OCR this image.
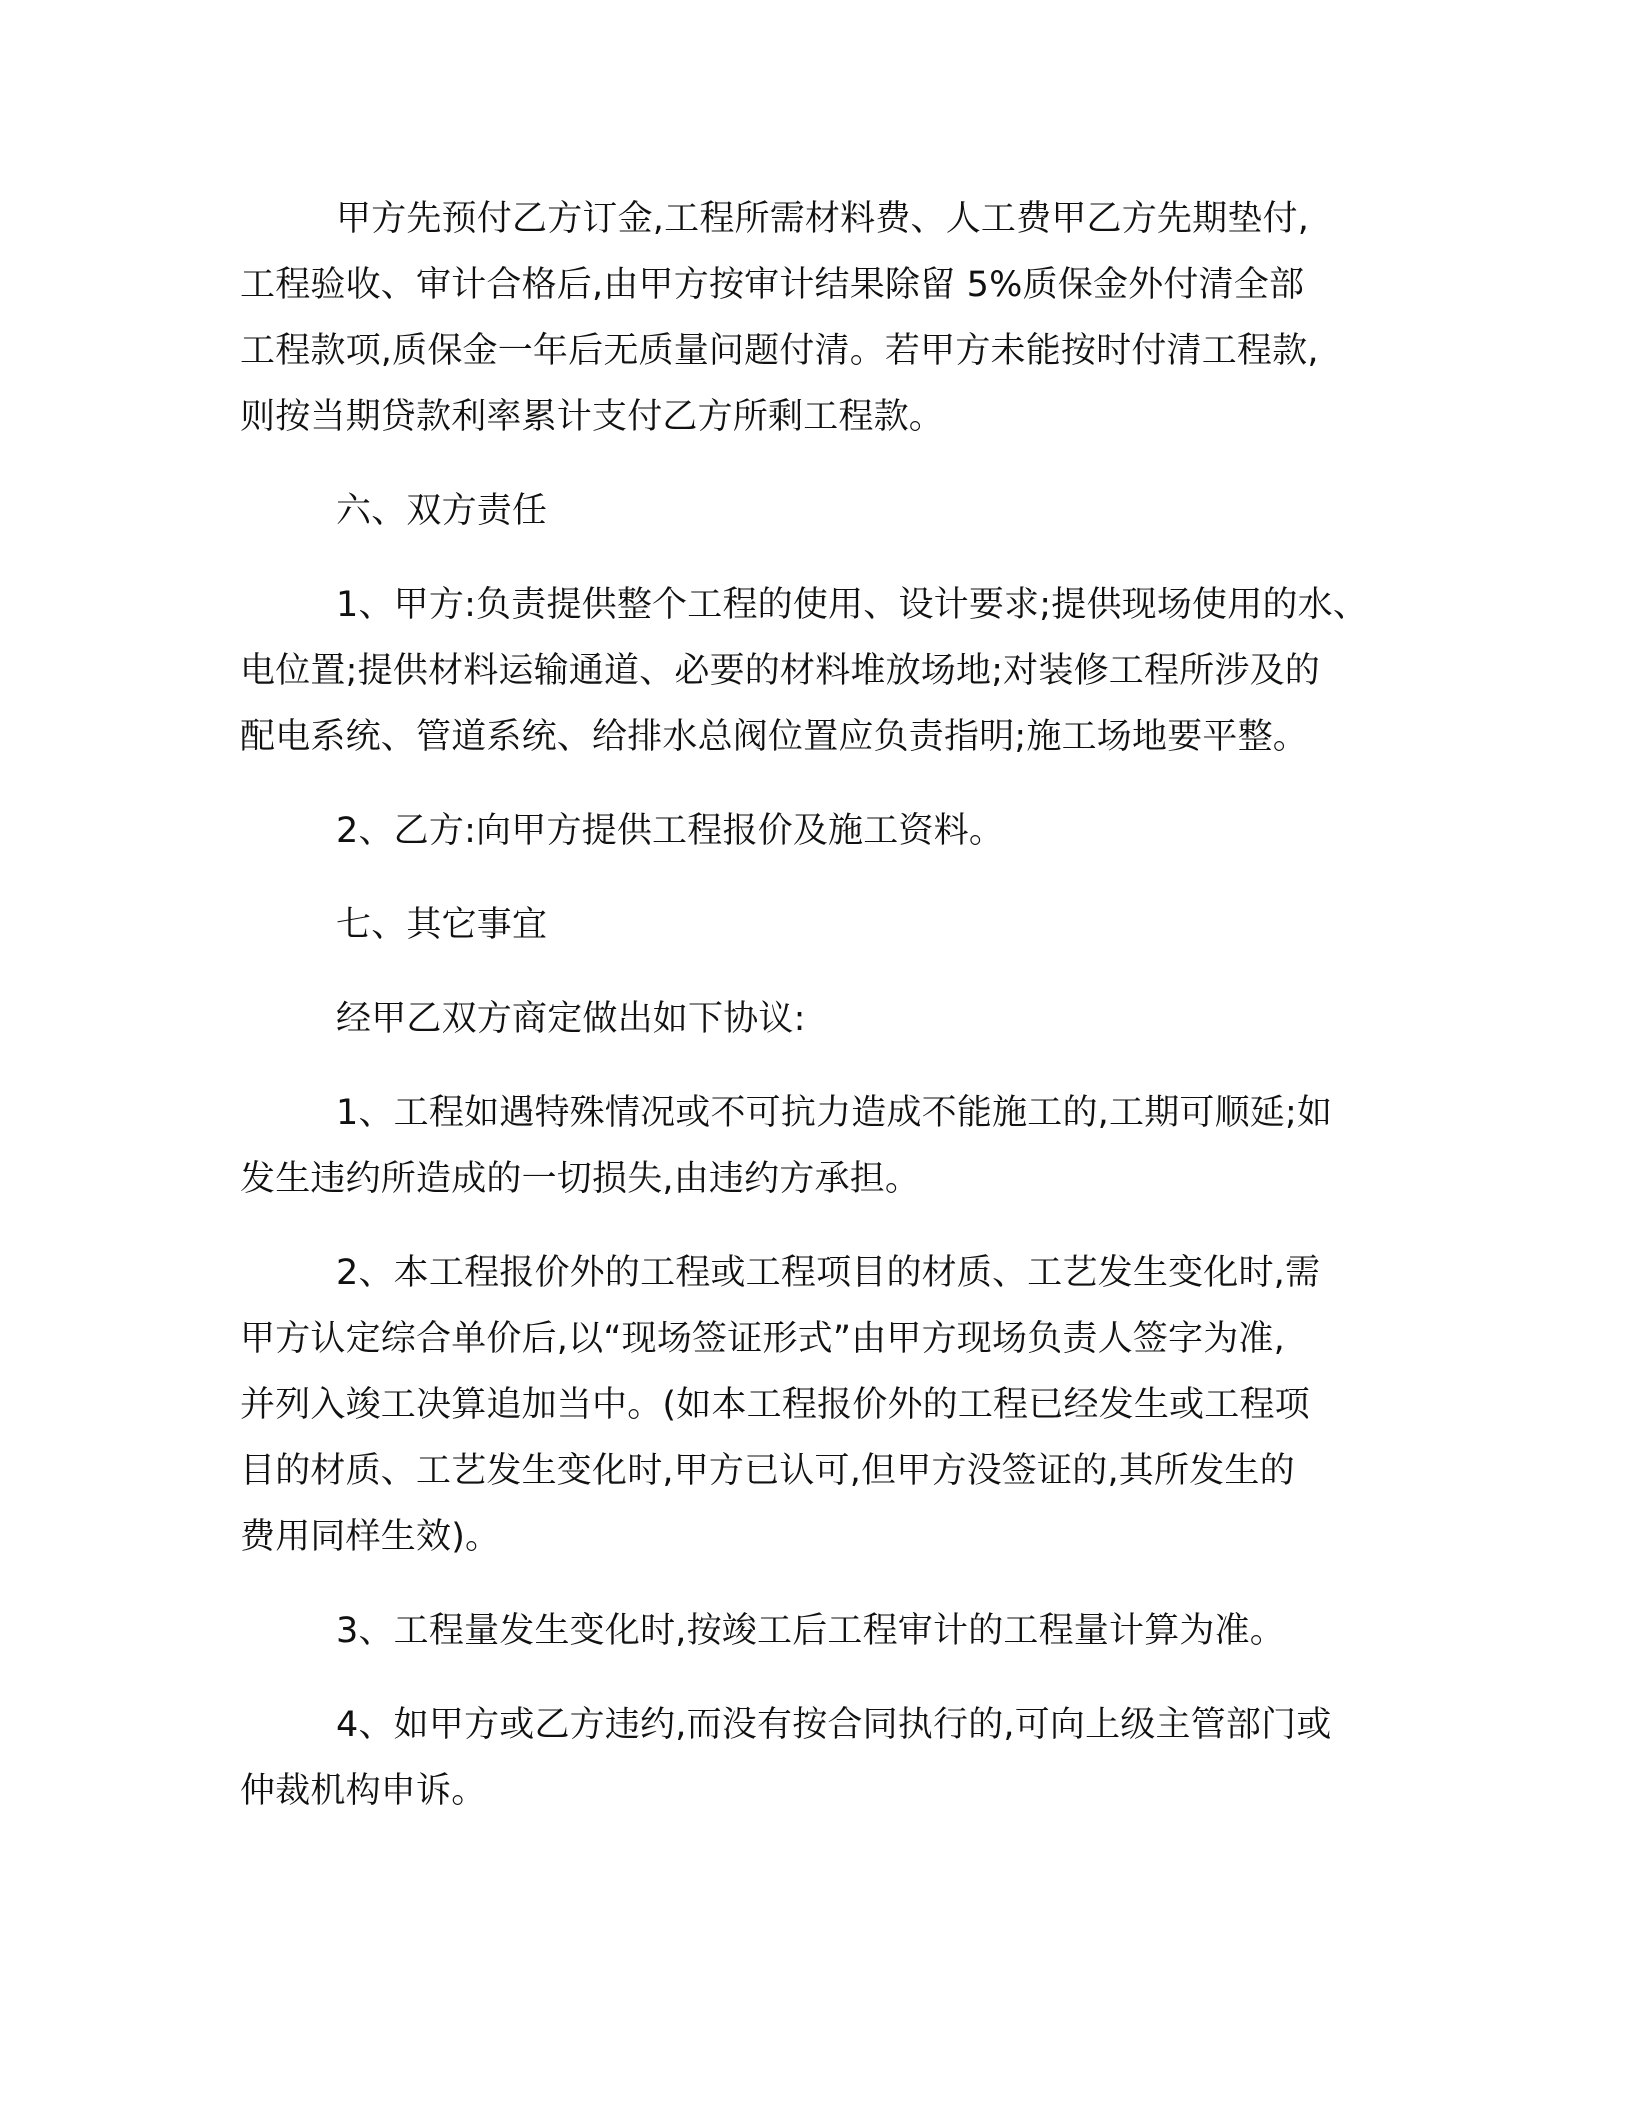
甲方先预付乙方订金,工程所需材料费、人工费甲乙方先期垫付,
工程验收、审计合格后,由甲方按审计结果除留 5%质保金外付清全部
工程款项,质保金一年后无质量问题付清。若甲方未能按时付清工程款,
则按当期贷款利率累计支付乙方所剩工程款。

六、双方责任

1、甲方:负责提供整个工程的使用、设计要求;提供现场使用的水、
电位置;提供材料运输通道、必要的材料堆放场地;对装修工程所涉及的
配电系统、管道系统、给排水总阀位置应负责指明;施工场地要平整。

2、乙方:向甲方提供工程报价及施工资料。

七、其它事宜

经甲乙双方商定做出如下协议:

1、工程如遇特殊情况或不可抗力造成不能施工的,工期可顺延;如
发生违约所造成的一切损失,由违约方承担。

2、本工程报价外的工程或工程项目的材质、工艺发生变化时,需
甲方认定综合单价后,以“现场签证形式”由甲方现场负责人签字为准,
并列入竣工决算追加当中。(如本工程报价外的工程已经发生或工程项
目的材质、工艺发生变化时,甲方已认可,但甲方没签证的,其所发生的
费用同样生效)。

3、工程量发生变化时,按竣工后工程审计的工程量计算为准。

4、如甲方或乙方违约,而没有按合同执行的,可向上级主管部门或
仲裁机构申诉。
